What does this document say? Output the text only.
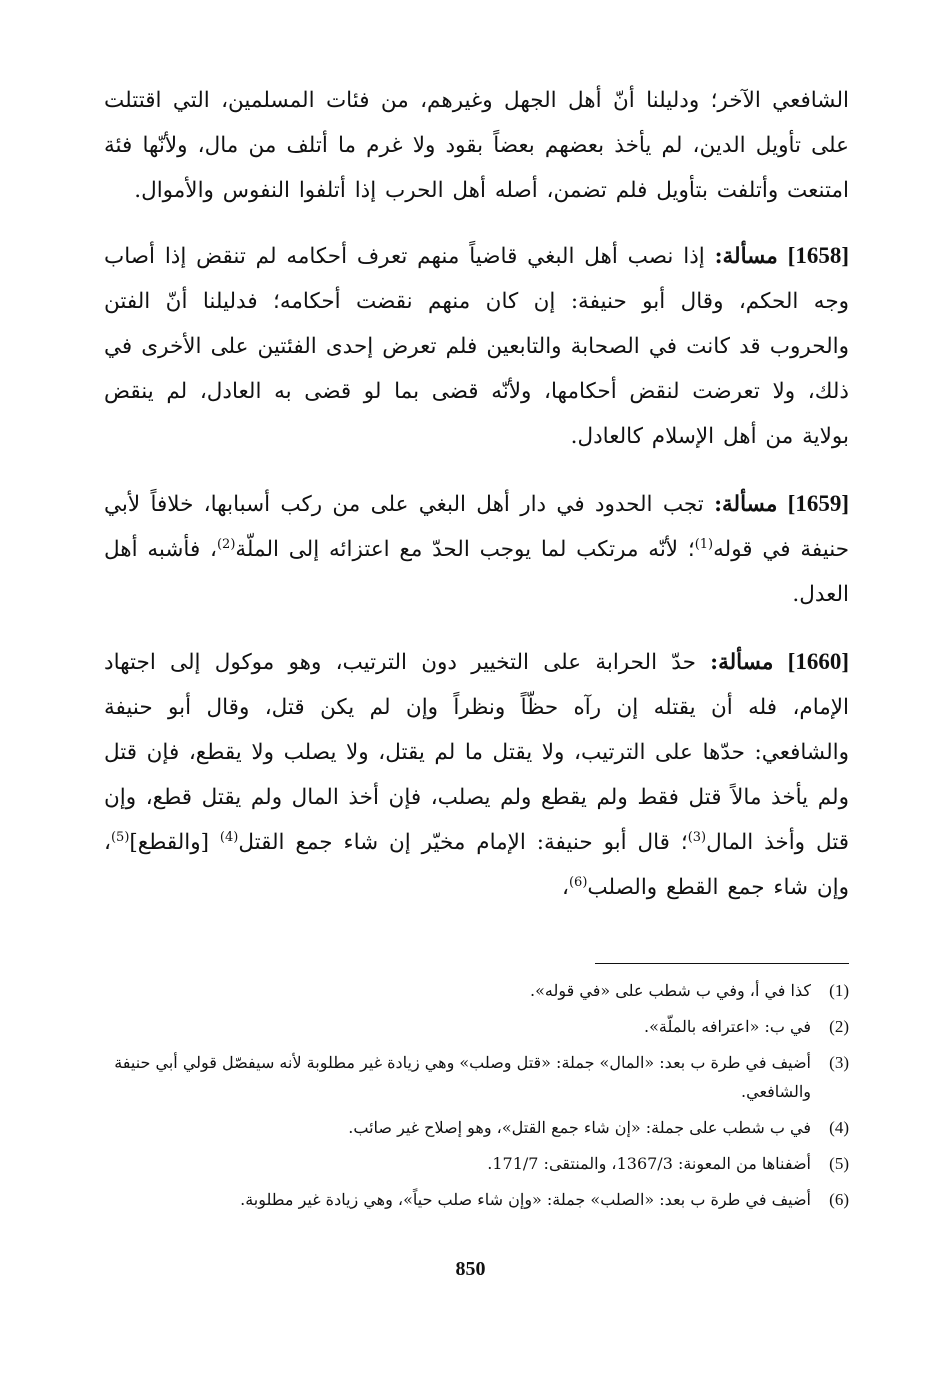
الشافعي الآخر؛ ودليلنا أنّ أهل الجهل وغيرهم، من فئات المسلمين، التي اقتتلت على تأويل الدين، لم يأخذ بعضهم بعضاً بقود ولا غرم ما أتلف من مال، ولأنّها فئة امتنعت وأتلفت بتأويل فلم تضمن، أصله أهل الحرب إذا أتلفوا النفوس والأموال.

[1658] مسألة: إذا نصب أهل البغي قاضياً منهم تعرف أحكامه لم تنقض إذا أصاب وجه الحكم، وقال أبو حنيفة: إن كان منهم نقضت أحكامه؛ فدليلنا أنّ الفتن والحروب قد كانت في الصحابة والتابعين فلم تعرض إحدى الفئتين على الأخرى في ذلك، ولا تعرضت لنقض أحكامها، ولأنّه قضى بما لو قضى به العادل، لم ينقض بولاية من أهل الإسلام كالعادل.

[1659] مسألة: تجب الحدود في دار أهل البغي على من ركب أسبابها، خلافاً لأبي حنيفة في قوله$^{(1)}$؛ لأنّه مرتكب لما يوجب الحدّ مع اعتزائه إلى الملّة$^{(2)}$، فأشبه أهل العدل.

[1660] مسألة: حدّ الحرابة على التخيير دون الترتيب، وهو موكول إلى اجتهاد الإمام، فله أن يقتله إن رآه حظّاً ونظراً وإن لم يكن قتل، وقال أبو حنيفة والشافعي: حدّها على الترتيب، ولا يقتل ما لم يقتل، ولا يصلب ولا يقطع، فإن قتل ولم يأخذ مالاً قتل فقط ولم يقطع ولم يصلب، فإن أخذ المال ولم يقتل قطع، وإن قتل وأخذ المال$^{(3)}$؛ قال أبو حنيفة: الإمام مخيّر إن شاء جمع القتل$^{(4)}$ [والقطع]$^{(5)}$، وإن شاء جمع القطع والصلب$^{(6)}$،

(1)
كذا في أ، وفي ب شطب على «في قوله».
(2)
في ب: «اعترافه بالملّة».
(3)
أضيف في طرة ب بعد: «المال» جملة: «قتل وصلب» وهي زيادة غير مطلوبة لأنه سيفصّل قولي أبي حنيفة والشافعي.
(4)
في ب شطب على جملة: «إن شاء جمع القتل»، وهو إصلاح غير صائب.
(5)
أضفناها من المعونة: 1367/3، والمنتقى: 171/7.
(6)
أضيف في طرة ب بعد: «الصلب» جملة: «وإن شاء صلب حياً»، وهي زيادة غير مطلوبة.
850
